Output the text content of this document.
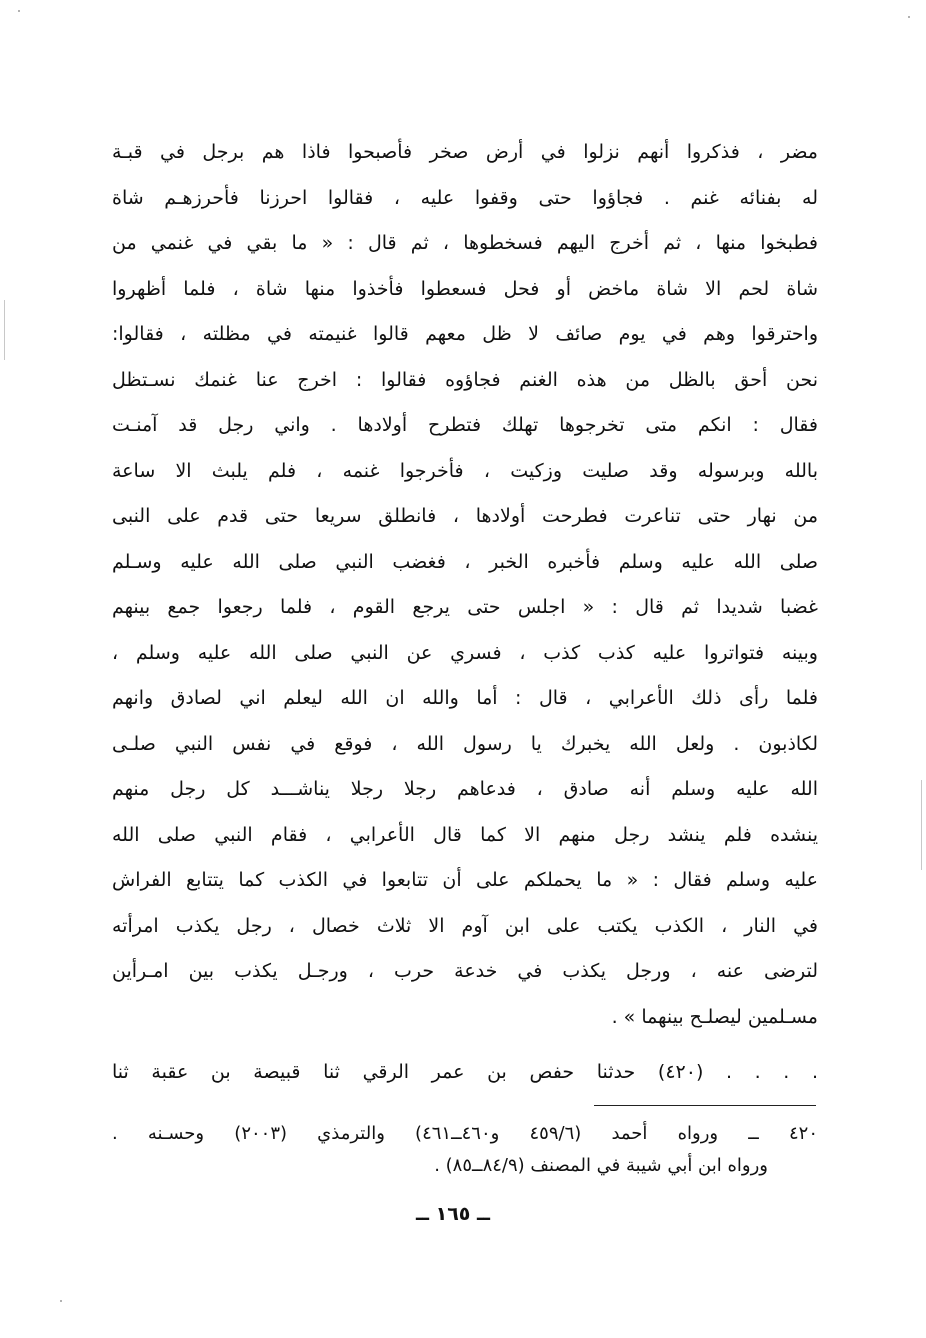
مضر ، فذكروا أنهم نزلوا في أرض صخر فأصبحوا فاذا هم برجل في قبـة
له بفنائه غنم . فجاؤوا حتى وقفوا عليه ، فقالوا احرزنا فأحرزهـم شاة
فطبخوا منها ، ثم أخرج اليهم فسخطوها ، ثم قال : « ما بقي في غنمي من
شاة لحم الا شاة ماخض أو فحل فسعطوا فأخذوا منها شاة ، فلما أظهروا
واحترقوا وهم في يوم صائف لا ظل معهم قالوا غنيمته في مظلته ، فقالوا:
نحن أحق بالظل من هذه الغنم فجاؤوه فقالوا : اخرج عنا غنمك نسـتظل
فقال : انكم متى تخرجوها تهلك فتطرح أولادها . واني رجل قد آمنـت
بالله وبرسوله وقد صليت وزكيت ، فأخرجوا غنمه ، فلم يلبث الا ساعة
من نهار حتى تناعرت فطرحت أولادها ، فانطلق سريعا حتى قدم على النبى
صلى الله عليه وسلم فأخبره الخبر ، فغضب النبي صلى الله عليه وسـلم
غضبا شديدا ثم قال : « اجلس حتى يرجع القوم ، فلما رجعوا جمع بينهم
وبينه فتواتروا عليه كذب كذب ، فسري عن النبي صلى الله عليه وسلم ،
فلما رأى ذلك الأعرابي ، قال : أما والله ان الله ليعلم اني لصادق وانهم
لكاذبون . ولعل الله يخبرك يا رسول الله ، فوقع في نفس النبي صلـى
الله عليه وسلم أنه صادق ، فدعاهم رجلا رجلا يناشـــد كل رجل منهم
ينشده فلم ينشد رجل منهم الا كما قال الأعرابي ، فقام النبي صلى الله
عليه وسلم فقال : « ما يحملكم على أن تتابعوا في الكذب كما يتتابع الفراش
في النار ، الكذب يكتب على ابن آوم الا ثلاث خصال ، رجل يكذب امرأته
لترضى عنه ، ورجل يكذب في خدعة حرب ، ورجـل يكذب بين امـرأين
مسـلمين ليصلـح بينهما » .
. . . . (٤٢٠) حدثنا حفص بن عمر الرقي ثنا قبيصة بن عقبة ثنا
٤٢٠ ــ ورواه أحمد (٤٥٩/٦ و٤٦٠ــ٤٦١) والترمذي (٢٠٠٣) وحسـنه .
ورواه ابن أبي شيبة في المصنف (٨٤/٩ــ٨٥) .
ــ ١٦٥ ــ
